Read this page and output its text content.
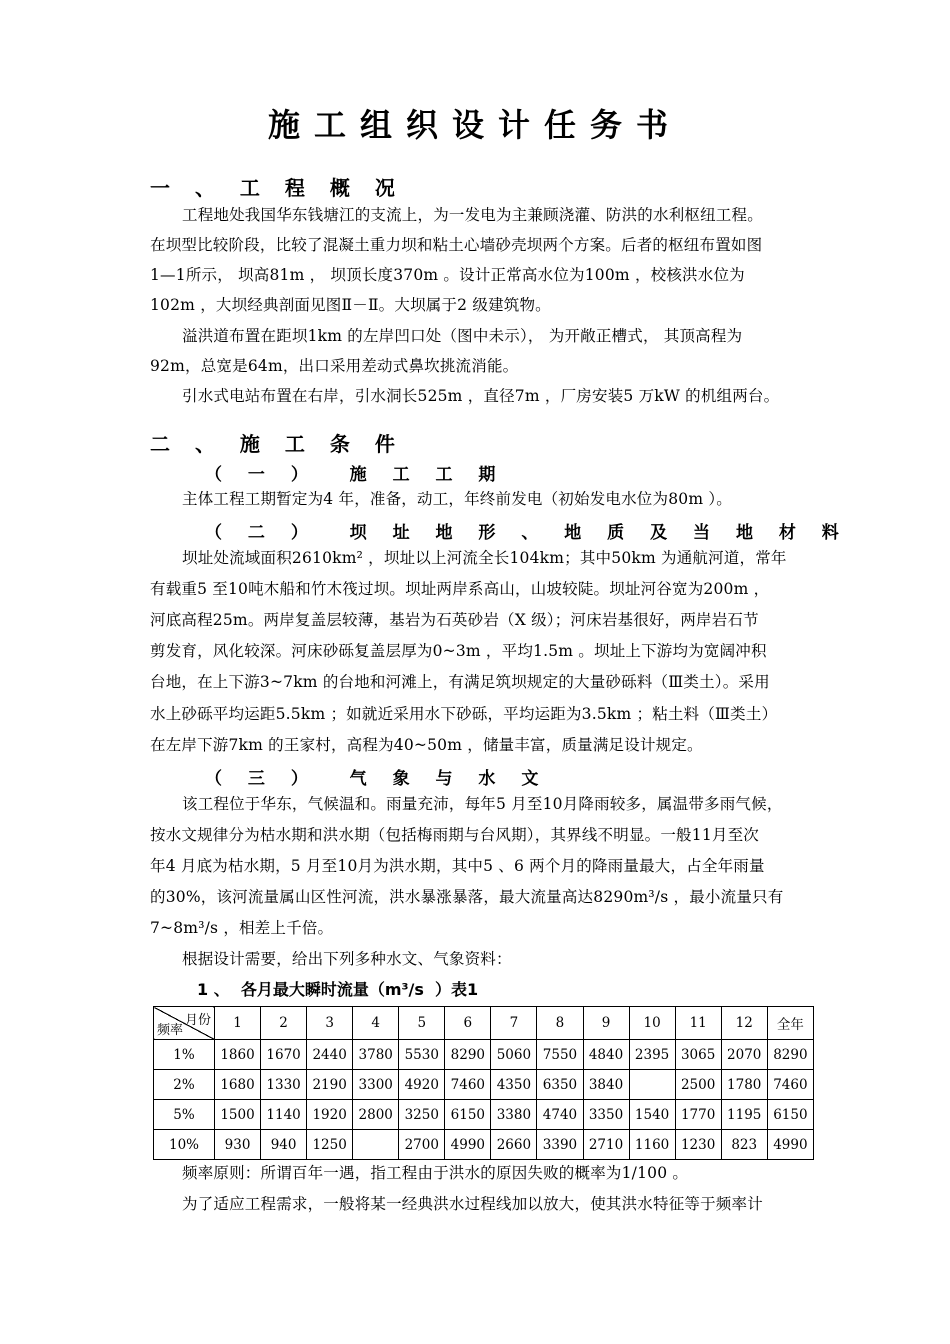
施工组织设计任务书
一 、 工 程 概 况
工程地处我国华东钱塘江的支流上，为一发电为主兼顾浇灌、防洪的水利枢纽工程。
在坝型比较阶段，比较了混凝土重力坝和粘土心墙砂壳坝两个方案。后者的枢纽布置如图
1—1所示， 坝高81m ， 坝顶长度370m 。设计正常高水位为100m ，校核洪水位为
102m ，大坝经典剖面见图Ⅱ－Ⅱ。大坝属于2 级建筑物。
溢洪道布置在距坝1km 的左岸凹口处（图中未示）， 为开敞正槽式， 其顶高程为
92m，总宽是64m，出口采用差动式鼻坎挑流消能。
引水式电站布置在右岸，引水洞长525m ，直径7m ，厂房安装5 万kW 的机组两台。
二 、 施 工 条 件
（ 一 ）  施 工 工 期
主体工程工期暂定为4 年，准备，动工，年终前发电（初始发电水位为80m ）。
（ 二 ）  坝 址 地 形 、 地 质 及 当 地 材 料
坝址处流域面积2610km² ，坝址以上河流全长104km；其中50km 为通航河道，常年
有载重5 至10吨木船和竹木筏过坝。坝址两岸系高山，山坡较陡。坝址河谷宽为200m ，
河底高程25m。两岸复盖层较薄，基岩为石英砂岩（X 级）；河床岩基很好，两岸岩石节
剪发育，风化较深。河床砂砾复盖层厚为0~3m ，平均1.5m 。坝址上下游均为宽阔冲积
台地，在上下游3~7km 的台地和河滩上，有满足筑坝规定的大量砂砾料（Ⅲ类土）。采用
水上砂砾平均运距5.5km ；如就近采用水下砂砾，平均运距为3.5km ；粘土料（Ⅲ类土）
在左岸下游7km 的王家村，高程为40~50m ，储量丰富，质量满足设计规定。
（ 三 ）  气 象 与 水 文
该工程位于华东，气候温和。雨量充沛，每年5 月至10月降雨较多，属温带多雨气候，
按水文规律分为枯水期和洪水期（包括梅雨期与台风期），其界线不明显。一般11月至次
年4 月底为枯水期，5 月至10月为洪水期，其中5 、6 两个月的降雨量最大，占全年雨量
的30%，该河流量属山区性河流，洪水暴涨暴落，最大流量高达8290m³/s ，最小流量只有
7~8m³/s ，相差上千倍。
根据设计需要，给出下列多种水文、气象资料：
1 、  各月最大瞬时流量（m³/s  ）表1
月份
频率	1	2	3	4	5	6	7	8	9	10	11	12	全年
1%	1860	1670	2440	3780	5530	8290	5060	7550	4840	2395	3065	2070	8290
2%	1680	1330	2190	3300	4920	7460	4350	6350	3840		2500	1780	7460
5%	1500	1140	1920	2800	3250	6150	3380	4740	3350	1540	1770	1195	6150
10%	930	940	1250		2700	4990	2660	3390	2710	1160	1230	823	4990
频率原则：所谓百年一遇，指工程由于洪水的原因失败的概率为1/100 。
为了适应工程需求，一般将某一经典洪水过程线加以放大，使其洪水特征等于频率计
